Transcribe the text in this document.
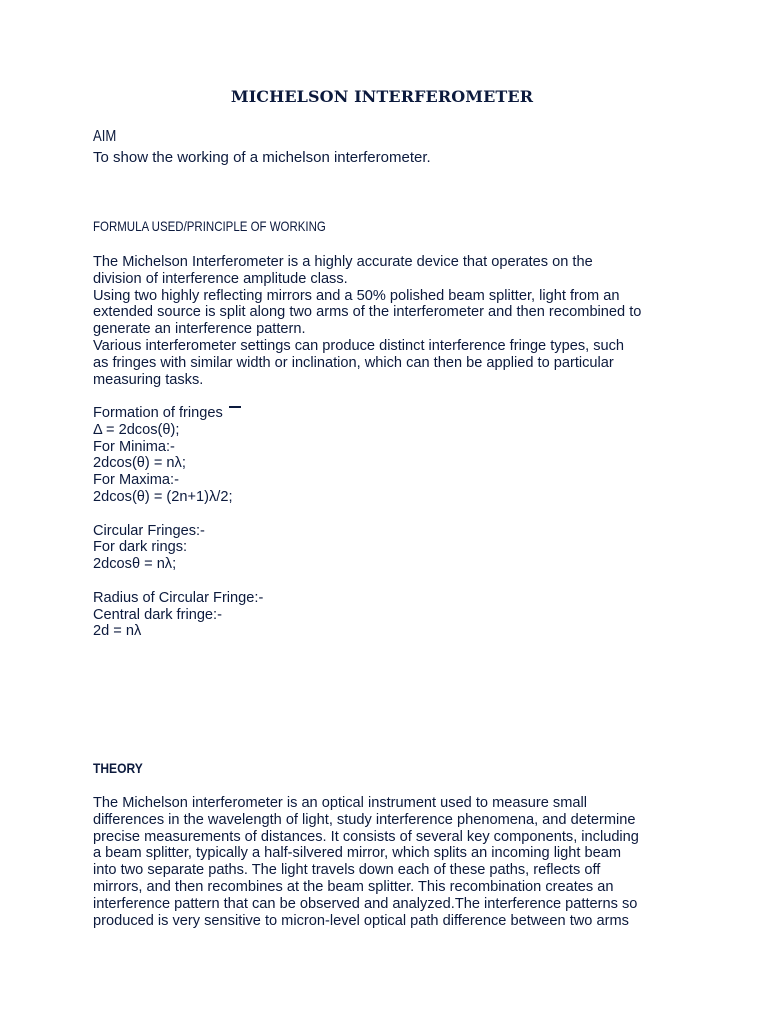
MICHELSON INTERFEROMETER
AIM
To show the working of a michelson interferometer.
FORMULA USED/PRINCIPLE OF WORKING
The Michelson Interferometer is a highly accurate device that operates on the
division of interference amplitude class.
Using two highly reflecting mirrors and a 50% polished beam splitter, light from an
extended source is split along two arms of the interferometer and then recombined to
generate an interference pattern.
Various interferometer settings can produce distinct interference fringe types, such
as fringes with similar width or inclination, which can then be applied to particular
measuring tasks.
Formation of fringes
Δ = 2dcos(θ);
For Minima:-
2dcos(θ) = nλ;
For Maxima:-
2dcos(θ) = (2n+1)λ/2;
Circular Fringes:-
For dark rings:
2dcosθ = nλ;
Radius of Circular Fringe:-
Central dark fringe:-
2d = nλ
THEORY
The Michelson interferometer is an optical instrument used to measure small
differences in the wavelength of light, study interference phenomena, and determine
precise measurements of distances. It consists of several key components, including
a beam splitter, typically a half-silvered mirror, which splits an incoming light beam
into two separate paths. The light travels down each of these paths, reflects off
mirrors, and then recombines at the beam splitter. This recombination creates an
interference pattern that can be observed and analyzed.The interference patterns so
produced is very sensitive to micron-level optical path difference between two arms
